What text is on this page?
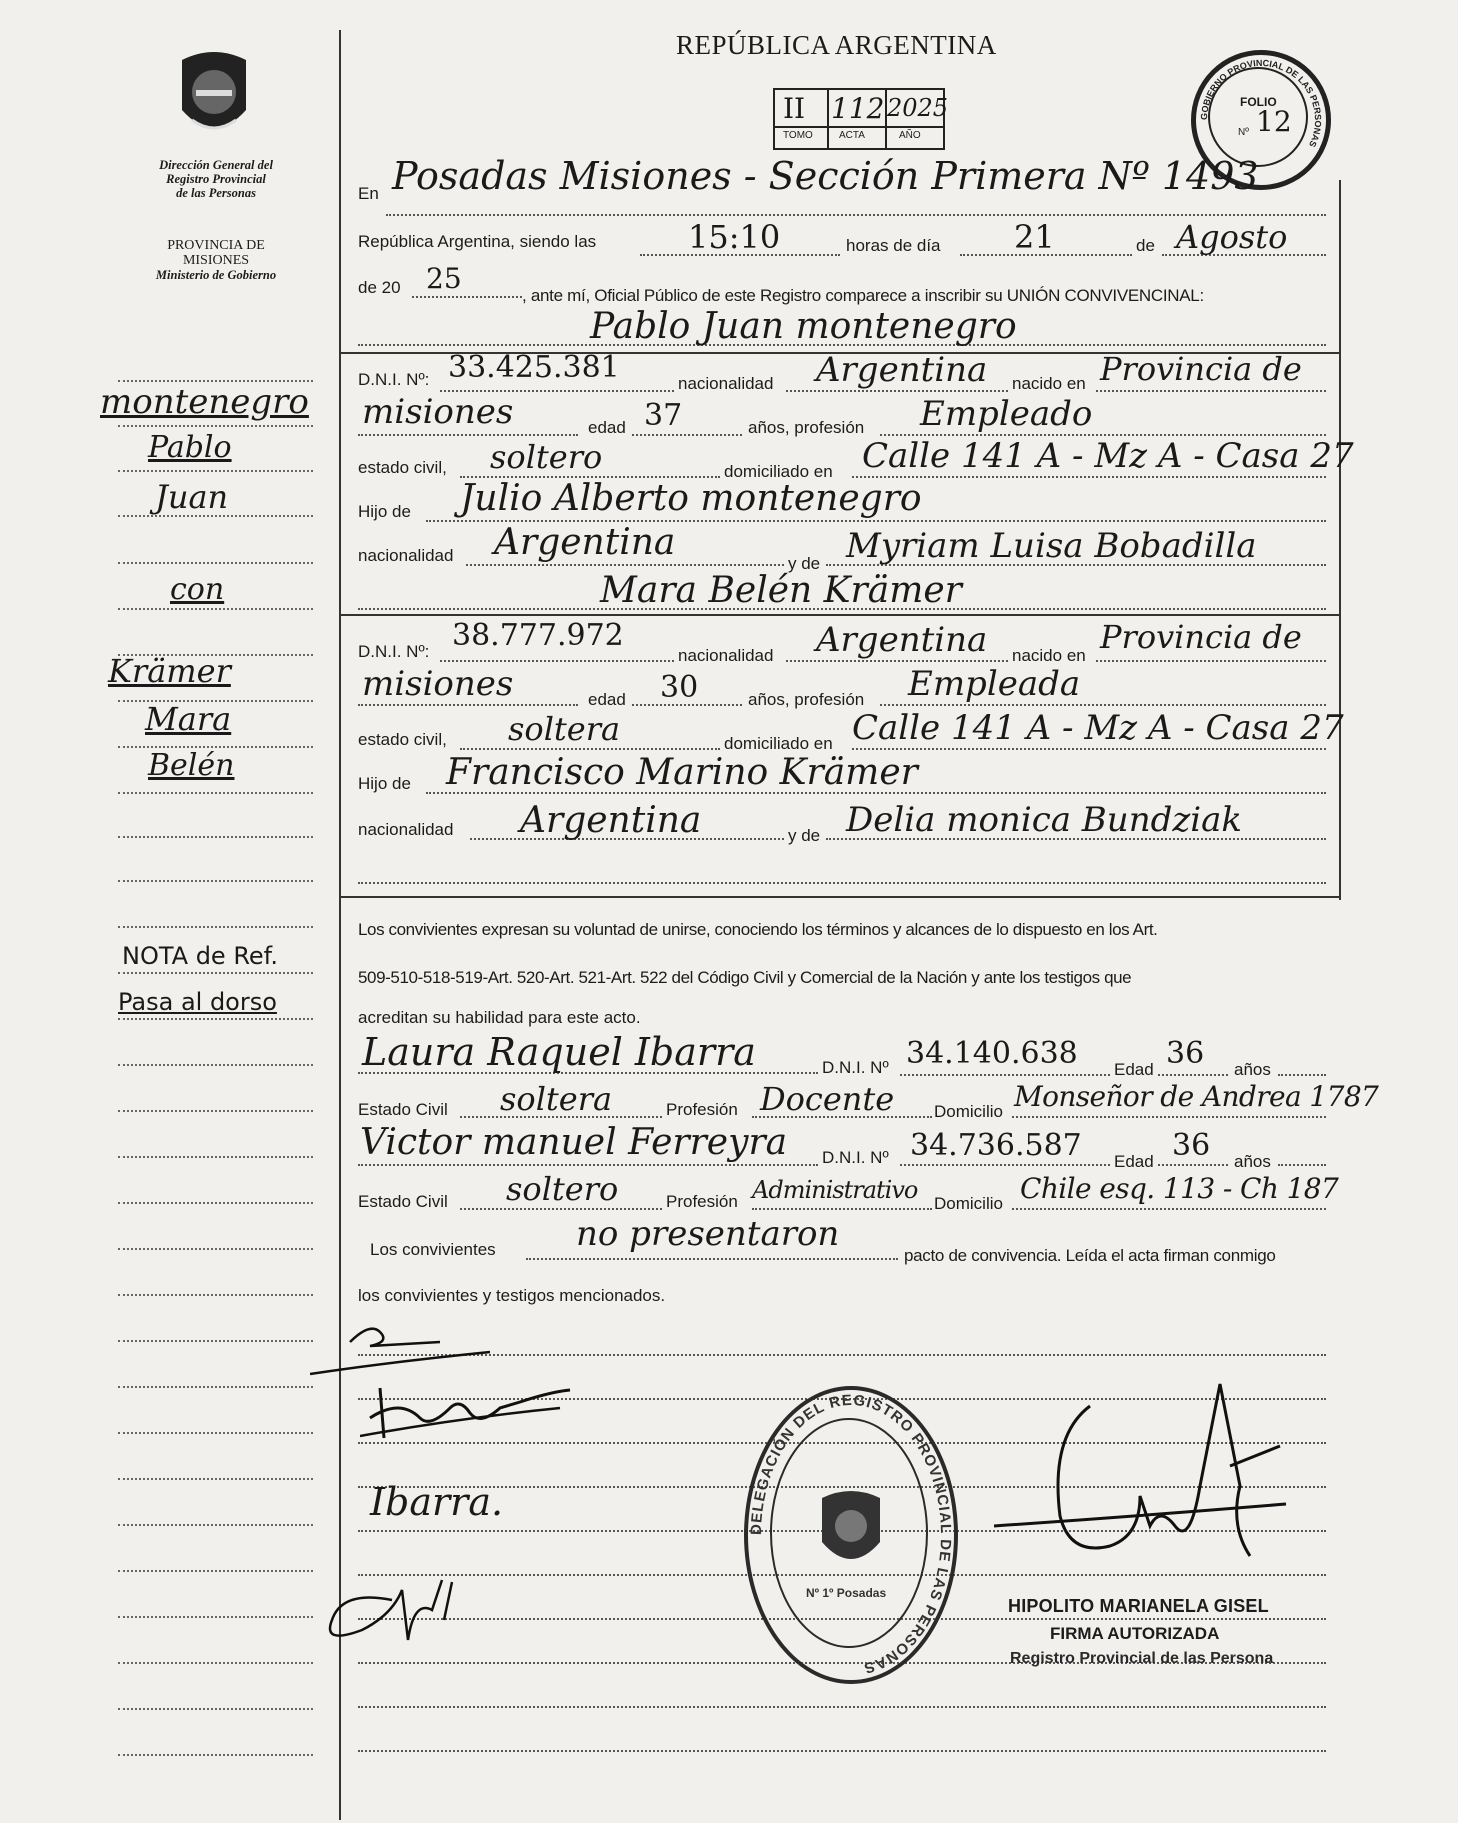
Dirección General del
Registro Provincial
de las Personas
PROVINCIA DE
MISIONES
Ministerio de Gobierno
montenegro
Pablo
Juan
con
Krämer
Mara
Belén
NOTA de Ref.
Pasa al dorso
REPÚBLICA ARGENTINA
II 112 2025
TOMO	ACTA	AÑO
GOBIERNO PROVINCIAL DE LAS PERSONAS
FOLIO
12
Nº
En Posadas Misiones - Sección Primera Nº 1493
República Argentina, siendo las	15:10	horas de día 21	de Agosto
de 20 25
, ante mí, Oficial Público de este Registro comparece a inscribir su UNIÓN CONVIVENCINAL:
Pablo Juan montenegro
D.N.I. Nº: 33.425.381	nacionalidad Argentina nacido en Provincia de
misiones	edad 37	años, profesión Empleado
estado civil, soltero	domiciliado en Calle 141 A - Mz A - Casa 27
Hijo de Julio Alberto montenegro
nacionalidad Argentina
y de Myriam Luisa Bobadilla
Mara Belén Krämer
D.N.I. Nº: 38.777.972
nacionalidad Argentina nacido en Provincia de
misiones	edad 30	años, profesión Empleada
estado civil, soltera	domiciliado en Calle 141 A - Mz A - Casa 27
Hijo de Francisco Marino Krämer
nacionalidad Argentina	y de Delia monica Bundziak
Los convivientes expresan su voluntad de unirse, conociendo los términos y alcances de lo dispuesto en los Art.
509-510-518-519-Art. 520-Art. 521-Art. 522 del Código Civil y Comercial de la Nación y ante los testigos que
acreditan su habilidad para este acto.
Laura Raquel Ibarra	D.N.I. Nº 34.140.638 Edad 36 años
Estado Civil soltera	Profesión Docente Domicilio Monseñor de Andrea 1787
Victor manuel Ferreyra D.N.I. Nº 34.736.587 Edad 36 años
Estado Civil soltero	Profesión Administrativo Domicilio Chile esq. 113 - Ch 187
Los convivientes no presentaron
pacto de convivencia. Leída el acta firman conmigo
los convivientes y testigos mencionados.
Ibarra.
DELEGACIÓN DEL REGISTRO PROVINCIAL DE LAS PERSONAS
Nº 1º Posadas
HIPOLITO MARIANELA GISEL
FIRMA AUTORIZADA
Registro Provincial de las Persona
